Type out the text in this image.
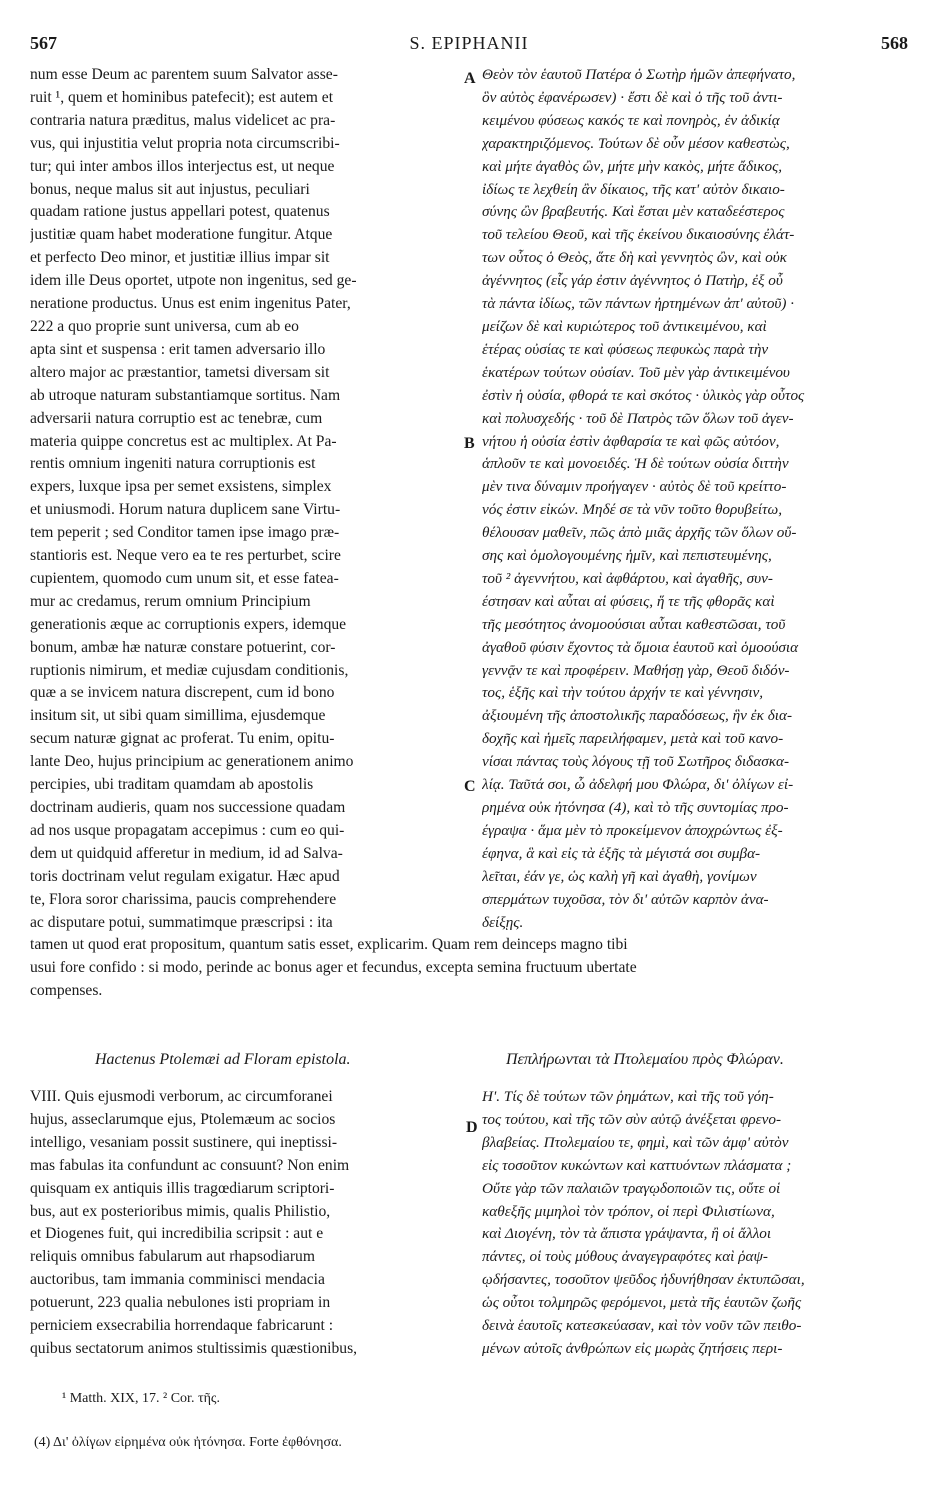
567	S. EPIPHANII	568
A
B
C
D
num esse Deum ac parentem suum Salvator asse-
ruit ¹, quem et hominibus patefecit); est autem et
contraria natura præditus, malus videlicet ac pra-
vus, qui injustitia velut propria nota circumscribi-
tur; qui inter ambos illos interjectus est, ut neque
bonus, neque malus sit aut injustus, peculiari
quadam ratione justus appellari potest, quatenus
justitiæ quam habet moderatione fungitur. Atque
et perfecto Deo minor, et justitiæ illius impar sit
idem ille Deus oportet, utpote non ingenitus, sed ge-
neratione productus. Unus est enim ingenitus Pater,
222 a quo proprie sunt universa, cum ab eo
apta sint et suspensa : erit tamen adversario illo
altero major ac præstantior, tametsi diversam sit
ab utroque naturam substantiamque sortitus. Nam
adversarii natura corruptio est ac tenebræ, cum
materia quippe concretus est ac multiplex. At Pa-
rentis omnium ingeniti natura corruptionis est
expers, luxque ipsa per semet exsistens, simplex
et uniusmodi. Horum natura duplicem sane Virtu-
tem peperit ; sed Conditor tamen ipse imago præ-
stantioris est. Neque vero ea te res perturbet, scire
cupientem, quomodo cum unum sit, et esse fatea-
mur ac credamus, rerum omnium Principium
generationis æque ac corruptionis expers, idemque
bonum, ambæ hæ naturæ constare potuerint, cor-
ruptionis nimirum, et mediæ cujusdam conditionis,
quæ a se invicem natura discrepent, cum id bono
insitum sit, ut sibi quam simillima, ejusdemque
secum naturæ gignat ac proferat. Tu enim, opitu-
lante Deo, hujus principium ac generationem animo
percipies, ubi traditam quamdam ab apostolis
doctrinam audieris, quam nos successione quadam
ad nos usque propagatam accepimus : cum eo qui-
dem ut quidquid afferetur in medium, id ad Salva-
toris doctrinam velut regulam exigatur. Hæc apud
te, Flora soror charissima, paucis comprehendere
ac disputare potui, summatimque præscripsi : ita
Θεὸν τὸν ἑαυτοῦ Πατέρα ὁ Σωτὴρ ἡμῶν ἀπεφήνατο,
ὃν αὐτὸς ἐφανέρωσεν) · ἔστι δὲ καὶ ὁ τῆς τοῦ ἀντι-
κειμένου φύσεως κακός τε καὶ πονηρὸς, ἐν ἀδικίᾳ
χαρακτηριζόμενος. Τούτων δὲ οὖν μέσον καθεστὼς,
καὶ μήτε ἀγαθὸς ὢν, μήτε μὴν κακὸς, μήτε ἄδικος,
ἰδίως τε λεχθείη ἂν δίκαιος, τῆς κατ' αὐτὸν δικαιο-
σύνης ὢν βραβευτής. Καὶ ἔσται μὲν καταδεέστερος
τοῦ τελείου Θεοῦ, καὶ τῆς ἐκείνου δικαιοσύνης ἐλάτ-
των οὗτος ὁ Θεὸς, ἅτε δὴ καὶ γεννητὸς ὢν, καὶ οὐκ
ἀγέννητος (εἷς γάρ ἐστιν ἀγέννητος ὁ Πατὴρ, ἐξ οὗ
τὰ πάντα ἰδίως, τῶν πάντων ἠρτημένων ἀπ' αὐτοῦ) ·
μείζων δὲ καὶ κυριώτερος τοῦ ἀντικειμένου, καὶ
ἑτέρας οὐσίας τε καὶ φύσεως πεφυκὼς παρὰ τὴν
ἑκατέρων τούτων οὐσίαν. Τοῦ μὲν γὰρ ἀντικειμένου
ἐστὶν ἡ οὐσία, φθορά τε καὶ σκότος · ὑλικὸς γὰρ οὗτος
καὶ πολυσχεδής · τοῦ δὲ Πατρὸς τῶν ὅλων τοῦ ἀγεν-
νήτου ἡ οὐσία ἐστὶν ἀφθαρσία τε καὶ φῶς αὐτόον,
ἁπλοῦν τε καὶ μονοειδές. Ἡ δὲ τούτων οὐσία διττὴν
μὲν τινα δύναμιν προήγαγεν · αὐτὸς δὲ τοῦ κρείττο-
νός ἐστιν εἰκών. Μηδέ σε τὰ νῦν τοῦτο θορυβείτω,
θέλουσαν μαθεῖν, πῶς ἀπὸ μιᾶς ἀρχῆς τῶν ὅλων οὔ-
σης καὶ ὁμολογουμένης ἡμῖν, καὶ πεπιστευμένης,
τοῦ ² ἀγεννήτου, καὶ ἀφθάρτου, καὶ ἀγαθῆς, συν-
έστησαν καὶ αὗται αἱ φύσεις, ἥ τε τῆς φθορᾶς καὶ
τῆς μεσότητος ἀνομοούσιαι αὗται καθεστῶσαι, τοῦ
ἀγαθοῦ φύσιν ἔχοντος τὰ ὅμοια ἑαυτοῦ καὶ ὁμοούσια
γεννᾷν τε καὶ προφέρειν. Μαθήσῃ γὰρ, Θεοῦ διδόν-
τος, ἑξῆς καὶ τὴν τούτου ἀρχήν τε καὶ γέννησιν,
ἀξιουμένη τῆς ἀποστολικῆς παραδόσεως, ἣν ἐκ δια-
δοχῆς καὶ ἡμεῖς παρειλήφαμεν, μετὰ καὶ τοῦ κανο-
νίσαι πάντας τοὺς λόγους τῇ τοῦ Σωτῆρος διδασκα-
λίᾳ. Ταῦτά σοι, ὦ ἀδελφή μου Φλώρα, δι' ὀλίγων εἰ-
ρημένα οὐκ ἠτόνησα (4), καὶ τὸ τῆς συντομίας προ-
έγραψα · ἅμα μὲν τὸ προκείμενον ἀποχρώντως ἐξ-
έφηνα, ἃ καὶ εἰς τὰ ἑξῆς τὰ μέγιστά σοι συμβα-
λεῖται, ἐάν γε, ὡς καλὴ γῆ καὶ ἀγαθὴ, γονίμων
σπερμάτων τυχοῦσα, τὸν δι' αὐτῶν καρπὸν ἀνα-
δείξῃς.
tamen ut quod erat propositum, quantum satis esset, explicarim. Quam rem deinceps magno tibi
usui fore confido : si modo, perinde ac bonus ager et fecundus, excepta semina fructuum ubertate
compenses.
Hactenus Ptolemæi ad Floram epistola.	Πεπλήρωνται τὰ Πτολεμαίου πρὸς Φλώραν.
VIII. Quis ejusmodi verborum, ac circumforanei
hujus, asseclarumque ejus, Ptolemæum ac socios
intelligo, vesaniam possit sustinere, qui ineptissi-
mas fabulas ita confundunt ac consuunt? Non enim
quisquam ex antiquis illis tragœdiarum scriptori-
bus, aut ex posterioribus mimis, qualis Philistio,
et Diogenes fuit, qui incredibilia scripsit : aut e
reliquis omnibus fabularum aut rhapsodiarum
auctoribus, tam immania comminisci mendacia
potuerunt, 223 qualia nebulones isti propriam in
perniciem exsecrabilia horrendaque fabricarunt :
quibus sectatorum animos stultissimis quæstionibus,
Η'. Τίς δὲ τούτων τῶν ῥημάτων, καὶ τῆς τοῦ γόη-
τος τούτου, καὶ τῆς τῶν σὺν αὐτῷ ἀνέξεται φρενο-
βλαβείας. Πτολεμαίου τε, φημὶ, καὶ τῶν ἀμφ' αὐτὸν
εἰς τοσοῦτον κυκώντων καὶ καττυόντων πλάσματα ;
Οὔτε γὰρ τῶν παλαιῶν τραγῳδοποιῶν τις, οὔτε οἱ
καθεξῆς μιμηλοὶ τὸν τρόπον, οἱ περὶ Φιλιστίωνα,
καὶ Διογένη, τὸν τὰ ἄπιστα γράψαντα, ἢ οἱ ἄλλοι
πάντες, οἱ τοὺς μύθους ἀναγεγραφότες καὶ ῥαψ-
ῳδήσαντες, τοσοῦτον ψεῦδος ἠδυνήθησαν ἐκτυπῶσαι,
ὡς οὗτοι τολμηρῶς φερόμενοι, μετὰ τῆς ἑαυτῶν ζωῆς
δεινὰ ἑαυτοῖς κατεσκεύασαν, καὶ τὸν νοῦν τῶν πειθο-
μένων αὐτοῖς ἀνθρώπων εἰς μωρὰς ζητήσεις περι-
¹ Matth. XIX, 17. ² Cor. τῆς.
(4) Δι' ὀλίγων εἰρημένα οὐκ ἠτόνησα. Forte ἐφθόνησα.
